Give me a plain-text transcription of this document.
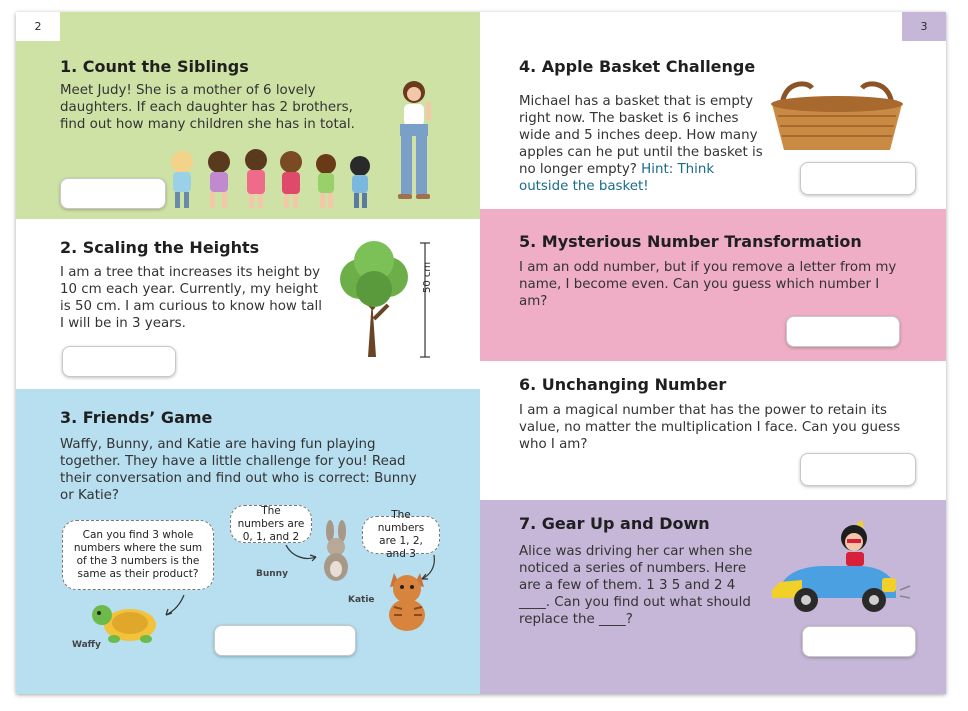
2
1. Count the Siblings
Meet Judy! She is a mother of 6 lovely daughters. If each daughter has 2 brothers, find out how many children she has in total.
2. Scaling the Heights
I am a tree that increases its height by 10 cm each year. Currently, my height is 50 cm. I am curious to know how tall I will be in 3 years.
50 cm
3. Friends’ Game
Waffy, Bunny, and Katie are having fun playing together. They have a little challenge for you! Read their conversation and find out who is correct: Bunny or Katie?
Can you find 3 whole numbers where the sum of the 3 numbers is the same as their product?
The numbers are 0, 1, and 2
The numbers are 1, 2, and 3
Waffy
Bunny
Katie
3
4. Apple Basket Challenge
Michael has a basket that is empty right now. The basket is 6 inches wide and 5 inches deep. How many apples can he put until the basket is no longer empty? Hint: Think outside the basket!
5. Mysterious Number Transformation
I am an odd number, but if you remove a letter from my name, I become even. Can you guess which number I am?
6. Unchanging Number
I am a magical number that has the power to retain its value, no matter the multiplication I face. Can you guess who I am?
7. Gear Up and Down
Alice was driving her car when she noticed a series of numbers. Here are a few of them. 1 3 5 and 2 4 ____. Can you find out what should replace the ____?
